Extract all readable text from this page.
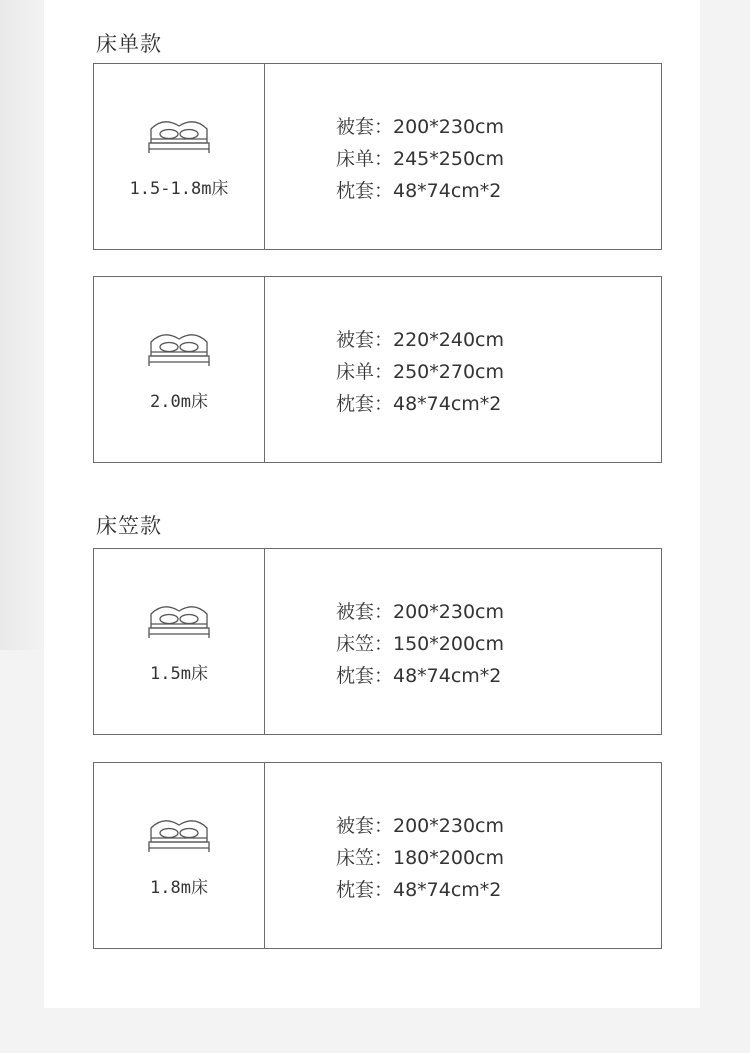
床单款
1.5-1.8m床
被套：200*230cm
床单：245*250cm
枕套：48*74cm*2
2.0m床
被套：220*240cm
床单：250*270cm
枕套：48*74cm*2
床笠款
1.5m床
被套：200*230cm
床笠：150*200cm
枕套：48*74cm*2
1.8m床
被套：200*230cm
床笠：180*200cm
枕套：48*74cm*2
